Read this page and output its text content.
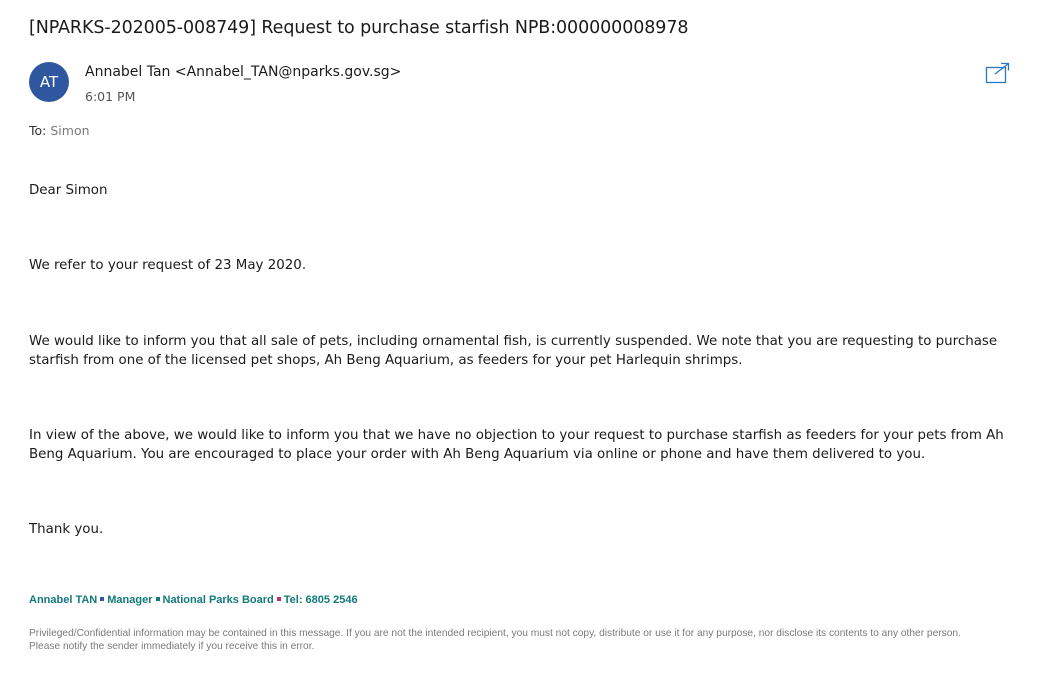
[NPARKS-202005-008749] Request to purchase starfish NPB:000000008978
AT
Annabel Tan <Annabel_TAN@nparks.gov.sg>
6:01 PM
To: Simon
Dear Simon
We refer to your request of 23 May 2020.
We would like to inform you that all sale of pets, including ornamental fish, is currently suspended. We note that you are requesting to purchase starfish from one of the licensed pet shops, Ah Beng Aquarium, as feeders for your pet Harlequin shrimps.
In view of the above, we would like to inform you that we have no objection to your request to purchase starfish as feeders for your pets from Ah Beng Aquarium. You are encouraged to place your order with Ah Beng Aquarium via online or phone and have them delivered to you.
Thank you.
Annabel TAN Manager National Parks Board Tel: 6805 2546
Privileged/Confidential information may be contained in this message. If you are not the intended recipient, you must not copy, distribute or use it for any purpose, nor disclose its contents to any other person.
Please notify the sender immediately if you receive this in error.
